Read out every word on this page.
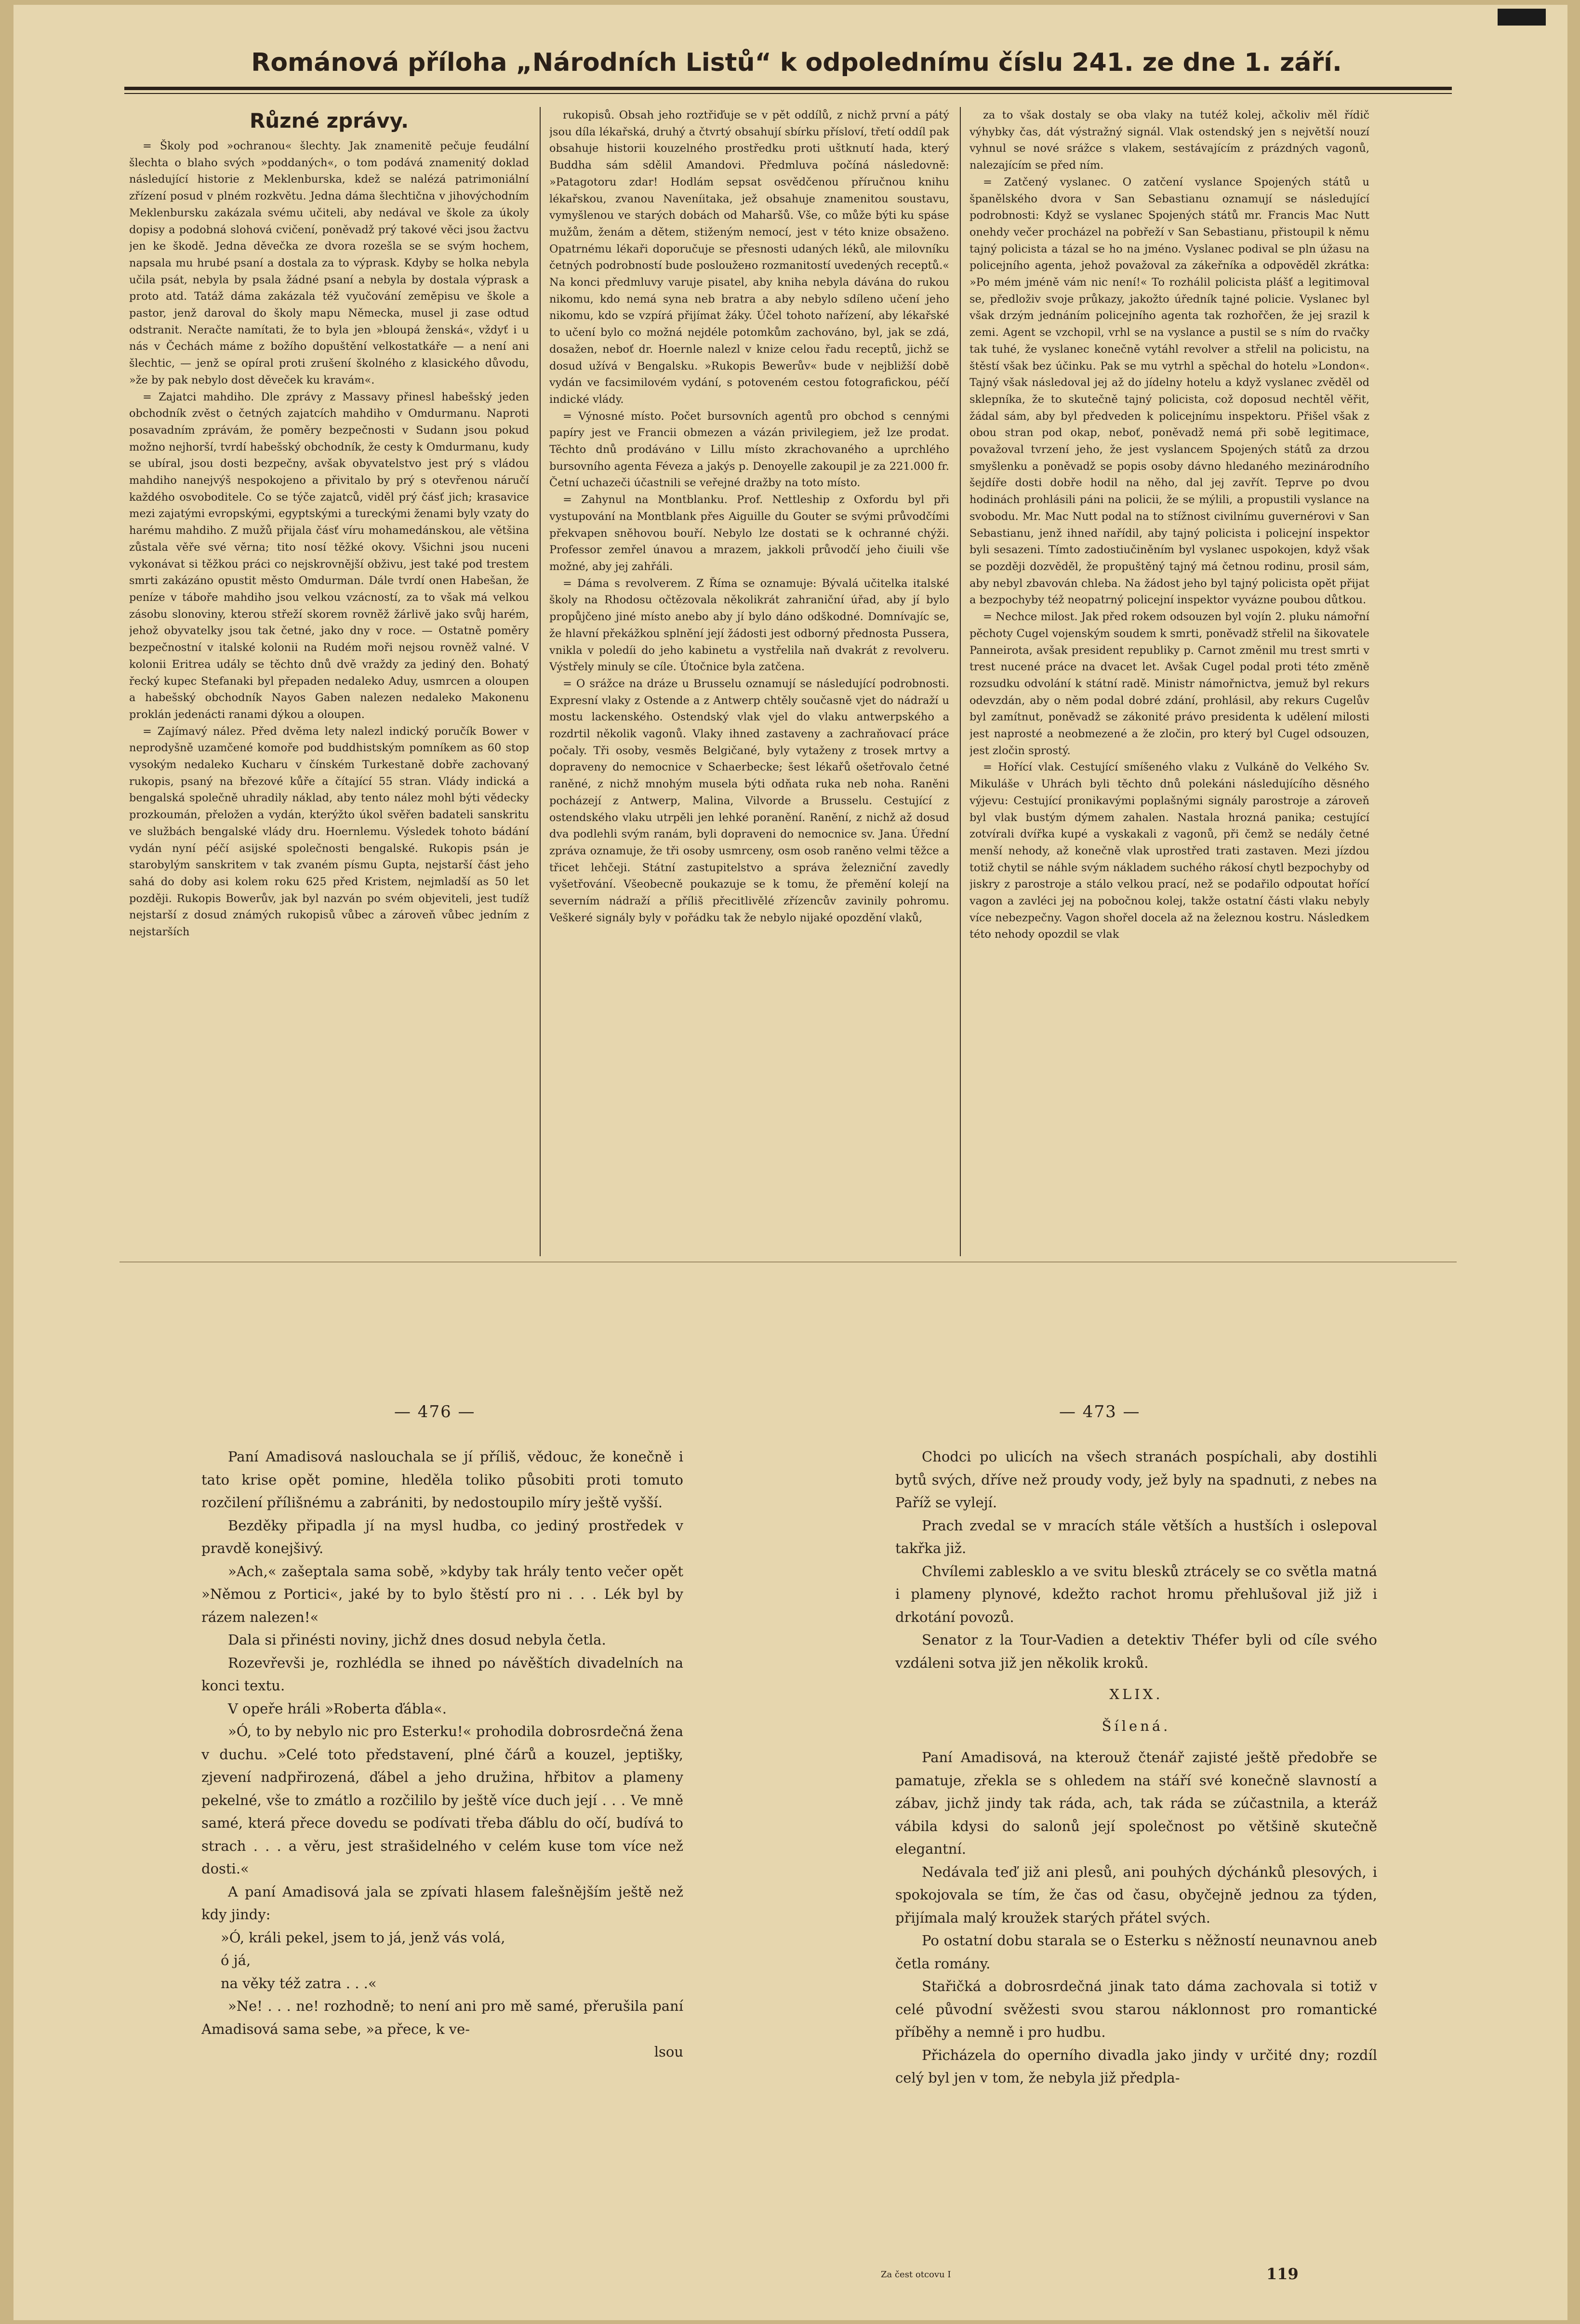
Románová příloha „Národních Listů“ k odpolednímu číslu 241. ze dne 1. září.

Různé zprávy.

= Školy pod »ochranou« šlechty. Jak znamenitě pečuje feudální šlechta o blaho svých »poddaných«, o tom podává znamenitý doklad následující historie z Meklenburska, kdež se nalézá patrimoniální zřízení posud v plném rozkvětu. Jedna dáma šlechtična v jihovýchodním Meklenbursku zakázala svému učiteli, aby nedával ve škole za úkoly dopisy a podobná slohová cvičení, poněvadž prý takové věci jsou žactvu jen ke škodě. Jedna děvečka ze dvora rozešla se se svým hochem, napsala mu hrubé psaní a dostala za to výprask. Kdyby se holka nebyla učila psát, nebyla by psala žádné psaní a nebyla by dostala výprask a proto atd. Tatáž dáma zakázala též vyučování zeměpisu ve škole a pastor, jenž daroval do školy mapu Německa, musel ji zase odtud odstranit. Neračte namítati, že to byla jen »bloupá ženská«, vždyť i u nás v Čechách máme z božího dopuštění velkostatkáře — a není ani šlechtic, — jenž se opíral proti zrušení školného z klasického důvodu, »že by pak nebylo dost děveček ku kravám«.

= Zajatci mahdiho. Dle zprávy z Massavy přinesl habešský jeden obchodník zvěst o četných zajatcích mahdiho v Omdurmanu. Naproti posavadním zprávám, že poměry bezpečnosti v Sudann jsou pokud možno nejhorší, tvrdí habešský obchodník, že cesty k Omdurmanu, kudy se ubíral, jsou dosti bezpečny, avšak obyvatelstvo jest prý s vládou mahdiho nanejvýš nespokojeno a přivitalo by prý s otevřenou náručí každého osvoboditele. Co se týče zajatců, viděl prý čásť jich; krasavice mezi zajatými evropskými, egyptskými a tureckými ženami byly vzaty do harému mahdiho. Z mužů přijala čásť víru mohamedánskou, ale většina zůstala věře své věrna; tito nosí těžké okovy. Všichni jsou nuceni vykonávat si těžkou práci co nejskrovnější obživu, jest také pod trestem smrti zakázáno opustit město Omdurman. Dále tvrdí onen Habešan, že peníze v táboře mahdiho jsou velkou vzácností, za to však má velkou zásobu slonoviny, kterou střeží skorem rovněž žárlivě jako svůj harém, jehož obyvatelky jsou tak četné, jako dny v roce. — Ostatně poměry bezpečnostní v italské kolonii na Rudém moři nejsou rovněž valné. V kolonii Eritrea udály se těchto dnů dvě vraždy za jediný den. Bohatý řecký kupec Stefanaki byl přepaden nedaleko Aduy, usmrcen a oloupen a habešský obchodník Nayos Gaben nalezen nedaleko Makonenu proklán jedenácti ranami dýkou a oloupen.

= Zajímavý nález. Před dvěma lety nalezl indický poručík Bower v neprodyšně uzamčené komoře pod buddhistským pomníkem as 60 stop vysokým nedaleko Kucharu v čínském Turkestaně dobře zachovaný rukopis, psaný na březové kůře a čítající 55 stran. Vlády indická a bengalská společně uhradily náklad, aby tento nález mohl býti vědecky prozkoumán, přeložen a vydán, kterýžto úkol svěřen badateli sanskritu ve službách bengalské vlády dru. Hoernlemu. Výsledek tohoto bádání vydán nyní péčí asijské společnosti bengalské. Rukopis psán je starobylým sanskritem v tak zvaném písmu Gupta, nejstarší část jeho sahá do doby asi kolem roku 625 před Kristem, nejmladší as 50 let později. Rukopis Bowerův, jak byl nazván po svém objeviteli, jest tudíž nejstarší z dosud známých rukopisů vůbec a zároveň vůbec jedním z nejstarších

rukopisů. Obsah jeho roztřiďuje se v pět oddílů, z nichž první a pátý jsou díla lékařská, druhý a čtvrtý obsahují sbírku přísloví, třetí oddíl pak obsahuje historii kouzelného prostředku proti uštknutí hada, který Buddha sám sdělil Amandovi. Předmluva počíná následovně: »Patagotoru zdar! Hodlám sepsat osvědčenou příručnou knihu lékařskou, zvanou Naveníitaka, jež obsahuje znamenitou soustavu, vymyšlenou ve starých dobách od Maharšů. Vše, co může býti ku spáse mužům, ženám a dětem, stiženým nemocí, jest v této knize obsaženo. Opatrnému lékaři doporučuje se přesnosti udaných léků, ale milovníku četných podrobností bude posloužено rozmanitostí uvedených receptů.« Na konci předmluvy varuje pisatel, aby kniha nebyla dávána do rukou nikomu, kdo nemá syna neb bratra a aby nebylo sdíleno učení jeho nikomu, kdo se vzpírá přijímat žáky. Účel tohoto nařízení, aby lékařské to učení bylo co možná nejdéle potomkům zachováno, byl, jak se zdá, dosažen, neboť dr. Hoernle nalezl v knize celou řadu receptů, jichž se dosud užívá v Bengalsku. »Rukopis Bewerův« bude v nejbližší době vydán ve facsimilovém vydání, s potoveném cestou fotografickou, péčí indické vlády.

= Výnosné místo. Počet bursovních agentů pro obchod s cennými papíry jest ve Francii obmezen a vázán privilegiem, jež lze prodat. Těchto dnů prodáváno v Lillu místo zkrachovaného a uprchlého bursovního agenta Féveza a jakýs p. Denoyelle zakoupil je za 221.000 fr. Četní uchazeči účastnili se veřejné dražby na toto místo.

= Zahynul na Montblanku. Prof. Nettleship z Oxfordu byl při vystupování na Montblank přes Aiguille du Gouter se svými průvodčími překvapen sněhovou bouří. Nebylo lze dostati se k ochranné chýži. Professor zemřel únavou a mrazem, jakkoli průvodčí jeho čiuili vše možné, aby jej zahřáli.

= Dáma s revolverem. Z Říma se oznamuje: Bývalá učitelka italské školy na Rhodosu očtězovala několikrát zahraniční úřad, aby jí bylo propůjčeno jiné místo anebo aby jí bylo dáno odškodné. Domnívajíc se, že hlavní překážkou splnění její žádosti jest odborný přednosta Pussera, vnikla v poledíi do jeho kabinetu a vystřelila naň dvakrát z revolveru. Výstřely minuly se cíle. Útočnice byla zatčena.

= O srážce na dráze u Brusselu oznamují se následující podrobnosti. Expresní vlaky z Ostende a z Antwerp chtěly současně vjet do nádraží u mostu lackenského. Ostendský vlak vjel do vlaku antwerpského a rozdrtil několik vagonů. Vlaky ihned zastaveny a zachraňovací práce počaly. Tři osoby, vesměs Belgičané, byly vytaženy z trosek mrtvy a dopraveny do nemocnice v Schaerbecke; šest lékařů ošetřovalo četné raněné, z nichž mnohým musela býti odňata ruka neb noha. Raněni pocházejí z Antwerp, Malina, Vilvorde a Brusselu. Cestující z ostendského vlaku utrpěli jen lehké poranění. Ranění, z nichž až dosud dva podlehli svým ranám, byli dopraveni do nemocnice sv. Jana. Úřední zpráva oznamuje, že tři osoby usmrceny, osm osob raněno velmi těžce a třicet lehčeji. Státní zastupitelstvo a správa železniční zavedly vyšetřování. Všeobecně poukazuje se k tomu, že přemění kolejí na severním nádraží a příliš přecitlivělé zřízencův zavinily pohromu. Veškeré signály byly v pořádku tak že nebylo nijaké opozdění vlaků,

za to však dostaly se oba vlaky na tutéž kolej, ačkoliv měl řídič výhybky čas, dát výstražný signál. Vlak ostendský jen s největší nouzí vyhnul se nové srážce s vlakem, sestávajícím z prázdných vagonů, nalezajícím se před ním.

= Zatčený vyslanec. O zatčení vyslance Spojených států u španělského dvora v San Sebastianu oznamují se následující podrobnosti: Když se vyslanec Spojených států mr. Francis Mac Nutt onehdy večer procházel na pobřeží v San Sebastianu, přistoupil k němu tajný policista a tázal se ho na jméno. Vyslanec podival se pln úžasu na policejního agenta, jehož považoval za zákeřníka a odpověděl zkrátka: »Po mém jméně vám nic není!« To rozhálil policista plášť a legitimoval se, předloživ svoje průkazy, jakožto úředník tajné policie. Vyslanec byl však drzým jednáním policejního agenta tak rozhořčen, že jej srazil k zemi. Agent se vzchopil, vrhl se na vyslance a pustil se s ním do rvačky tak tuhé, že vyslanec konečně vytáhl revolver a střelil na policistu, na štěstí však bez účinku. Pak se mu vytrhl a spěchal do hotelu »London«. Tajný však následoval jej až do jídelny hotelu a když vyslanec zvěděl od sklepníka, že to skutečně tajný policista, což doposud nechtěl věřit, žádal sám, aby byl předveden k policejnímu inspektoru. Přišel však z obou stran pod okap, neboť, poněvadž nemá při sobě legitimace, považoval tvrzení jeho, že jest vyslancem Spojených států za drzou smyšlenku a poněvadž se popis osoby dávno hledaného mezinárodního šejdíře dosti dobře hodil na něho, dal jej zavřít. Teprve po dvou hodinách prohlásili páni na policii, že se mýlili, a propustili vyslance na svobodu. Mr. Mac Nutt podal na to stížnost civilnímu guvernérovi v San Sebastianu, jenž ihned nařídil, aby tajný policista i policejní inspektor byli sesazeni. Tímto zadostiučiněním byl vyslanec uspokojen, když však se později dozvěděl, že propuštěný tajný má četnou rodinu, prosil sám, aby nebyl zbavován chleba. Na žádost jeho byl tajný policista opět přijat a bezpochyby též neopatrný policejní inspektor vyvázne poubou důtkou.

= Nechce milost. Jak před rokem odsouzen byl vojín 2. pluku námořní pěchoty Cugel vojenským soudem k smrti, poněvadž střelil na šikovatele Panneirota, avšak president republiky p. Carnot změnil mu trest smrti v trest nucené práce na dvacet let. Avšak Cugel podal proti této změně rozsudku odvolání k státní radě. Ministr námořnictva, jemuž byl rekurs odevzdán, aby o něm podal dobré zdání, prohlásil, aby rekurs Cugelův byl zamítnut, poněvadž se zákonité právo presidenta k udělení milosti jest naprosté a neobmezené a že zločin, pro který byl Cugel odsouzen, jest zločin sprostý.

= Hořící vlak. Cestující smíšeného vlaku z Vulkáně do Velkého Sv. Mikuláše v Uhrách byli těchto dnů polekáni následujícího děsného výjevu: Cestující pronikavými poplašnými signály parostroje a zároveň byl vlak bustým dýmem zahalen. Nastala hrozná panika; cestující zotvírali dvířka kupé a vyskakali z vagonů, při čemž se nedály četné menší nehody, až konečně vlak uprostřed trati zastaven. Mezi jízdou totiž chytil se náhle svým nákladem suchého rákosí chytl bezpochyby od jiskry z parostroje a stálo velkou prací, než se podařilo odpoutat hořící vagon a zavléci jej na pobočnou kolej, takže ostatní části vlaku nebyly více nebezpečny. Vagon shořel docela až na železnou kostru. Následkem této nehody opozdil se vlak

— 476 —

Paní Amadisová naslouchala se jí příliš, vědouc, že konečně i tato krise opět pomine, hleděla toliko působiti proti tomuto rozčilení přílišnému a zabrániti, by nedostoupilo míry ještě vyšší.

Bezděky připadla jí na mysl hudba, co jediný prostředek v pravdě konejšivý.

»Ach,« zašeptala sama sobě, »kdyby tak hrály tento večer opět »Němou z Portici«, jaké by to bylo štěstí pro ni . . . Lék byl by rázem nalezen!«

Dala si přinésti noviny, jichž dnes dosud nebyla četla.

Rozevřevši je, rozhlédla se ihned po návěštích divadelních na konci textu.

V opeře hráli »Roberta ďábla«.

»Ó, to by nebylo nic pro Esterku!« prohodila dobrosrdečná žena v duchu. »Celé toto představení, plné čárů a kouzel, jeptišky, zjevení nadpřirozená, ďábel a jeho družina, hřbitov a plameny pekelné, vše to zmátlo a rozčililo by ještě více duch její . . . Ve mně samé, která přece dovedu se podívati třeba ďáblu do očí, budívá to strach . . . a věru, jest strašidelného v celém kuse tom více než dosti.«

A paní Amadisová jala se zpívati hlasem falešnějším ještě než kdy jindy:

»Ó, králi pekel, jsem to já, jenž vás volá,

ó já,

na věky též zatra . . .«

»Ne! . . . ne! rozhodně; to není ani pro mě samé, přerušila paní Amadisová sama sebe, »a přece, k ve-

lsou

— 473 —

Chodci po ulicích na všech stranách pospíchali, aby dostihli bytů svých, dříve než proudy vody, jež byly na spadnuti, z nebes na Paříž se vylejí.

Prach zvedal se v mracích stále větších a hustších i oslepoval takřka již.

Chvílemi zablesklo a ve svitu blesků ztrácely se co světla matná i plameny plynové, kdežto rachot hromu přehlušoval již již i drkotání povozů.

Senator z la Tour-Vadien a detektiv Théfer byli od cíle svého vzdáleni sotva již jen několik kroků.

XLIX.

Šílená.

Paní Amadisová, na kterouž čtenář zajisté ještě předobře se pamatuje, zřekla se s ohledem na stáří své konečně slavností a zábav, jichž jindy tak ráda, ach, tak ráda se zúčastnila, a kteráž vábila kdysi do salonů její společnost po většině skutečně elegantní.

Nedávala teď již ani plesů, ani pouhých dýchánků plesových, i spokojovala se tím, že čas od času, obyčejně jednou za týden, přijímala malý kroužek starých přátel svých.

Po ostatní dobu starala se o Esterku s něžností neunavnou aneb četla romány.

Stařičká a dobrosrdečná jinak tato dáma zachovala si totiž v celé původní svěžesti svou starou náklonnost pro romantické příběhy a nemně i pro hudbu.

Přicházela do operního divadla jako jindy v určité dny; rozdíl celý byl jen v tom, že nebyla již předpla-

Za čest otcovu I	119
